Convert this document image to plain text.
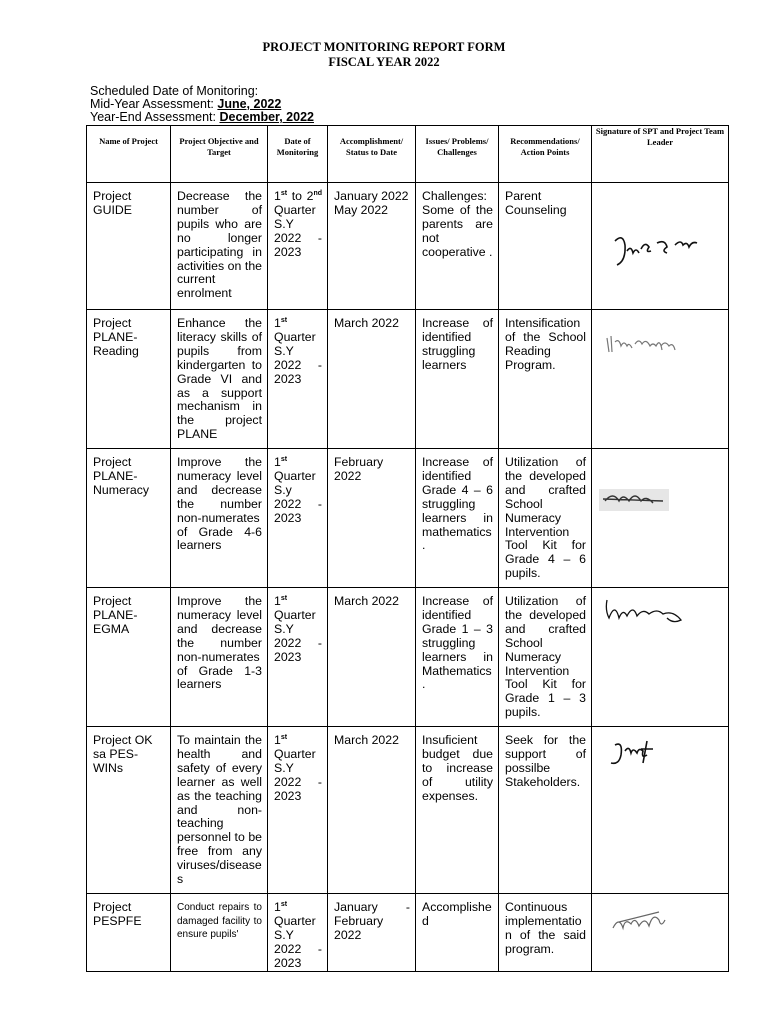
PROJECT MONITORING REPORT FORM
FISCAL YEAR 2022
Scheduled Date of Monitoring:
Mid-Year Assessment: June, 2022
Year-End Assessment: December, 2022
Name of Project	Project Objective and Target	Date of Monitoring	Accomplishment/ Status to Date	Issues/ Problems/ Challenges	Recommendations/ Action Points	Signature of SPT and Project Team Leader

Project GUIDE	Decrease the number of pupils who are no longer participating in activities on the current enrolment	1st to 2nd Quarter S.Y 2022 - 2023	January 2022 May 2022	Challenges: Some of the parents are not cooperative .	Parent Counseling

Project PLANE-Reading	Enhance the literacy skills of pupils from kindergarten to Grade VI and as a support mechanism in the project PLANE	1st Quarter S.Y 2022 - 2023	March 2022	Increase of identified struggling learners	Intensification of the School Reading Program.

Project PLANE-Numeracy	Improve the numeracy level and decrease the number non-numerates of Grade 4-6 learners	1st Quarter S.y 2022 - 2023	February 2022	Increase of identified Grade 4 – 6 struggling learners in mathematics.	Utilization of the developed and crafted School Numeracy Intervention Tool Kit for Grade 4 – 6 pupils.

Project PLANE-EGMA	Improve the numeracy level and decrease the number non-numerates of Grade 1-3 learners	1st Quarter S.Y 2022 - 2023	March 2022	Increase of identified Grade 1 – 3 struggling learners in Mathematics.	Utilization of the developed and crafted School Numeracy Intervention Tool Kit for Grade 1 – 3 pupils.

Project OK sa PES-WINs	To maintain the health and safety of every learner as well as the teaching and non-teaching personnel to be free from any viruses/diseases	1st Quarter S.Y 2022 - 2023	March 2022	Insuficient budget due to increase of utility expenses.	Seek for the support of possilbe Stakeholders.

Project PESPFE	Conduct repairs to damaged facility to ensure pupils'	1st Quarter S.Y 2022 - 2023	January - February 2022	Accomplished	Continuous implementation of the said program.
